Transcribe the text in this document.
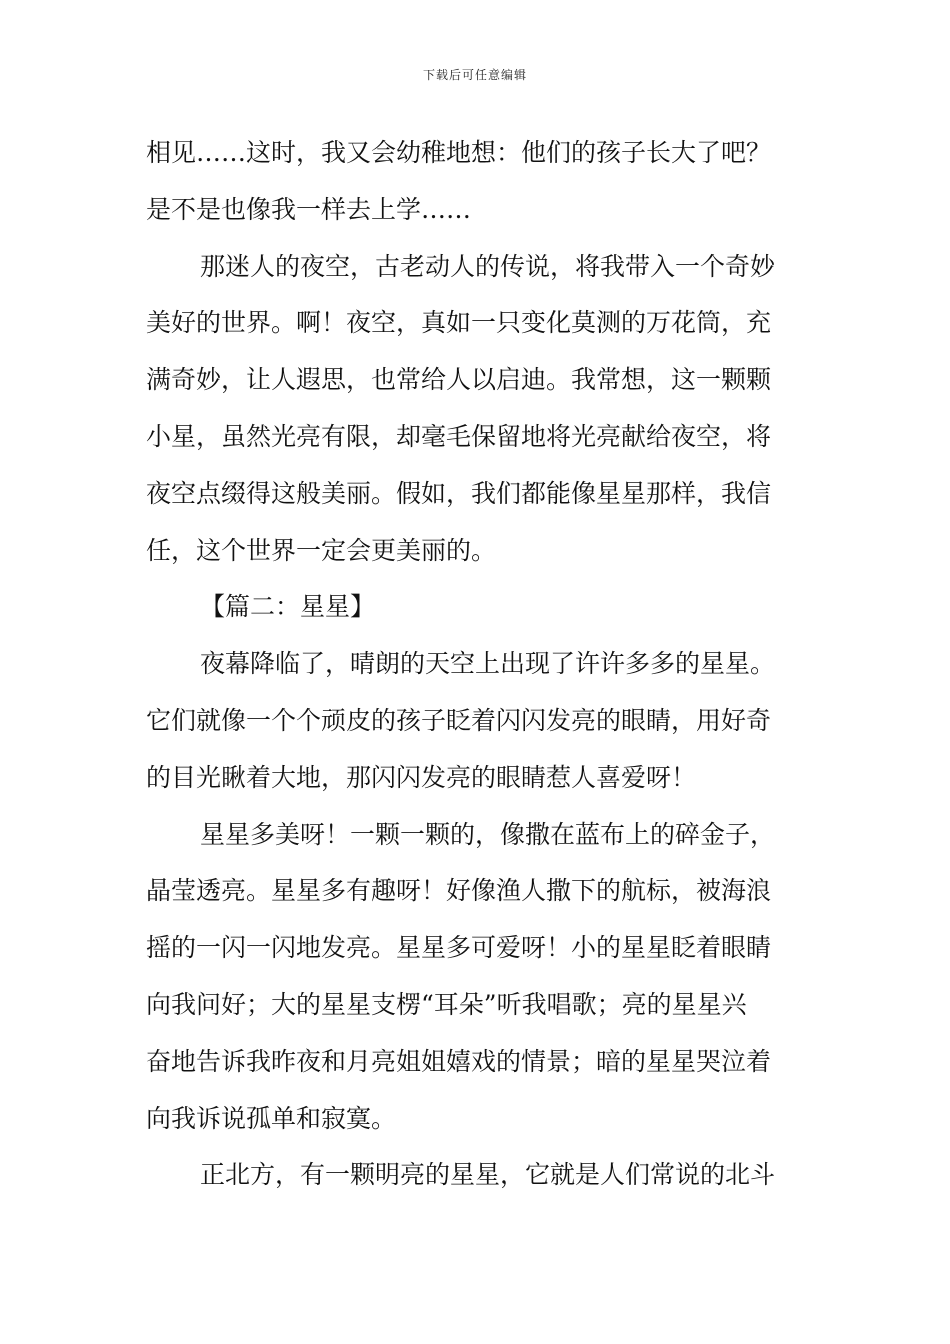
下载后可任意编辑
相见……这时，我又会幼稚地想：他们的孩子长大了吧？
是不是也像我一样去上学……
那迷人的夜空，古老动人的传说，将我带入一个奇妙
美好的世界。啊！夜空，真如一只变化莫测的万花筒，充
满奇妙，让人遐思，也常给人以启迪。我常想，这一颗颗
小星，虽然光亮有限，却毫毛保留地将光亮献给夜空，将
夜空点缀得这般美丽。假如，我们都能像星星那样，我信
任，这个世界一定会更美丽的。
【篇二：星星】
夜幕降临了，晴朗的天空上出现了许许多多的星星。
它们就像一个个顽皮的孩子眨着闪闪发亮的眼睛，用好奇
的目光瞅着大地，那闪闪发亮的眼睛惹人喜爱呀！
星星多美呀！一颗一颗的，像撒在蓝布上的碎金子，
晶莹透亮。星星多有趣呀！好像渔人撒下的航标，被海浪
摇的一闪一闪地发亮。星星多可爱呀！小的星星眨着眼睛
向我问好；大的星星支楞“耳朵”听我唱歌；亮的星星兴
奋地告诉我昨夜和月亮姐姐嬉戏的情景；暗的星星哭泣着
向我诉说孤单和寂寞。
正北方，有一颗明亮的星星，它就是人们常说的北斗
